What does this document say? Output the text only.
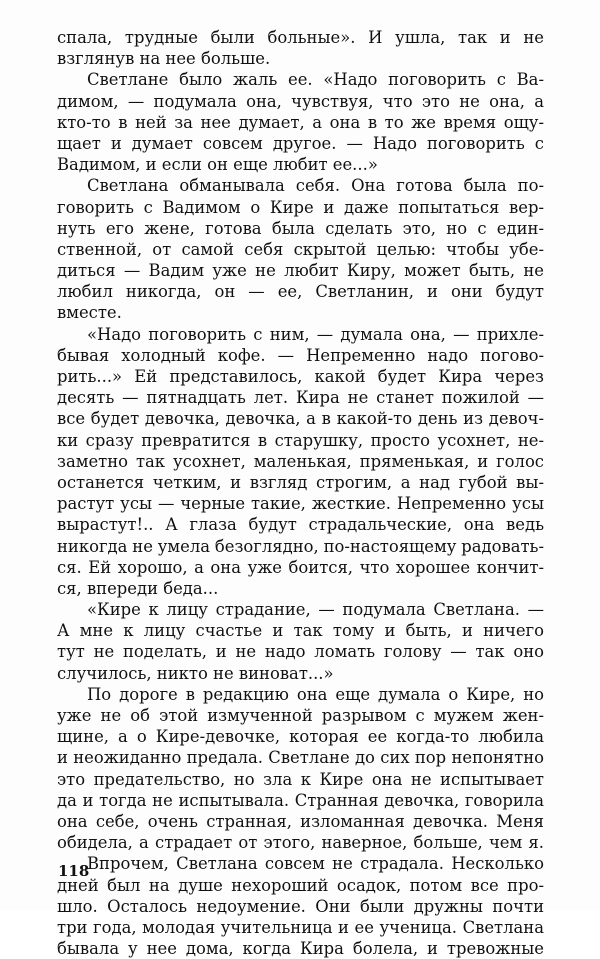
спала, трудные были больные». И ушла, так и не
взглянув на нее больше.
Светлане было жаль ее. «Надо поговорить с Ва-
димом, — подумала она, чувствуя, что это не она, а
кто-то в ней за нее думает, а она в то же время ощу-
щает и думает совсем другое. — Надо поговорить с
Вадимом, и если он еще любит ее...»
Светлана обманывала себя. Она готова была по-
говорить с Вадимом о Кире и даже попытаться вер-
нуть его жене, готова была сделать это, но с един-
ственной, от самой себя скрытой целью: чтобы убе-
диться — Вадим уже не любит Киру, может быть, не
любил никогда, он — ее, Светланин, и они будут
вместе.
«Надо поговорить с ним, — думала она, — прихле-
бывая холодный кофе. — Непременно надо погово-
рить...» Ей представилось, какой будет Кира через
десять — пятнадцать лет. Кира не станет пожилой —
все будет девочка, девочка, а в какой-то день из девоч-
ки сразу превратится в старушку, просто усохнет, не-
заметно так усохнет, маленькая, пряменькая, и голос
останется четким, и взгляд строгим, а над губой вы-
растут усы — черные такие, жесткие. Непременно усы
вырастут!.. А глаза будут страдальческие, она ведь
никогда не умела безоглядно, по-настоящему радовать-
ся. Ей хорошо, а она уже боится, что хорошее кончит-
ся, впереди беда...
«Кире к лицу страдание, — подумала Светлана. —
А мне к лицу счастье и так тому и быть, и ничего
тут не поделать, и не надо ломать голову — так оно
случилось, никто не виноват...»
По дороге в редакцию она еще думала о Кире, но
уже не об этой измученной разрывом с мужем жен-
щине, а о Кире-девочке, которая ее когда-то любила
и неожиданно предала. Светлане до сих пор непонятно
это предательство, но зла к Кире она не испытывает
да и тогда не испытывала. Странная девочка, говорила
она себе, очень странная, изломанная девочка. Меня
обидела, а страдает от этого, наверное, больше, чем я.
Впрочем, Светлана совсем не страдала. Несколько
дней был на душе нехороший осадок, потом все про-
шло. Осталось недоумение. Они были дружны почти
три года, молодая учительница и ее ученица. Светлана
бывала у нее дома, когда Кира болела, и тревожные
118
